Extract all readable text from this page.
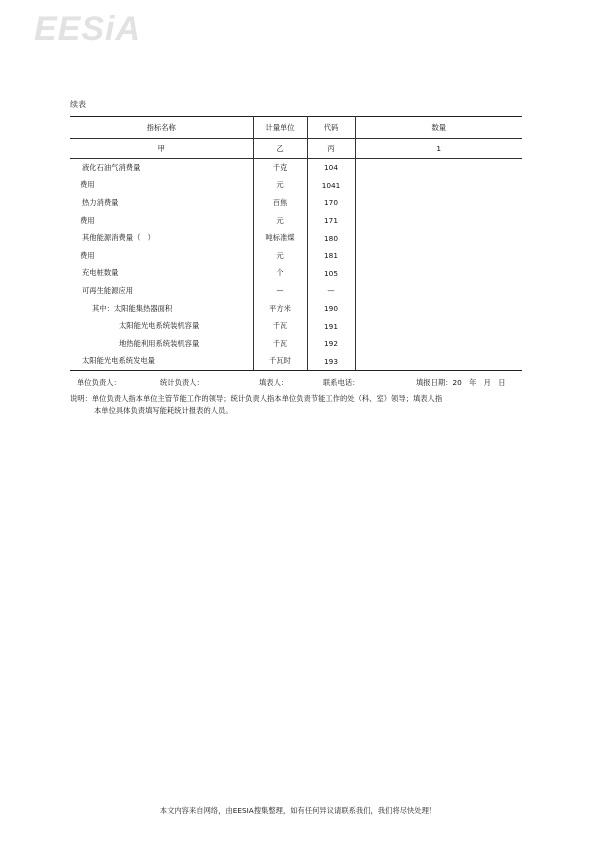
EESiA
续表
指标名称	计量单位	代码	数量
甲	乙	丙	1
液化石油气消费量	千克	104	
费用	元	1041	
热力消费量	百焦	170	
费用	元	171	
其他能源消费量（　）	吨标准煤	180	
费用	元	181	
充电桩数量	个	105	
可再生能源应用	—	—	
其中：太阳能集热器面积	平方米	190	
太阳能光电系统装机容量	千瓦	191	
地热能利用系统装机容量	千瓦	192	
太阳能光电系统发电量	千瓦时	193	
单位负责人：	统计负责人：	填表人：	联系电话：	填报日期：20　年　月　日
说明：单位负责人指本单位主管节能工作的领导；统计负责人指本单位负责节能工作的处（科、室）领导；填表人指
本单位具体负责填写能耗统计报表的人员。
本文内容来自网络，由EESIA搜集整理，如有任何异议请联系我们，我们将尽快处理！
